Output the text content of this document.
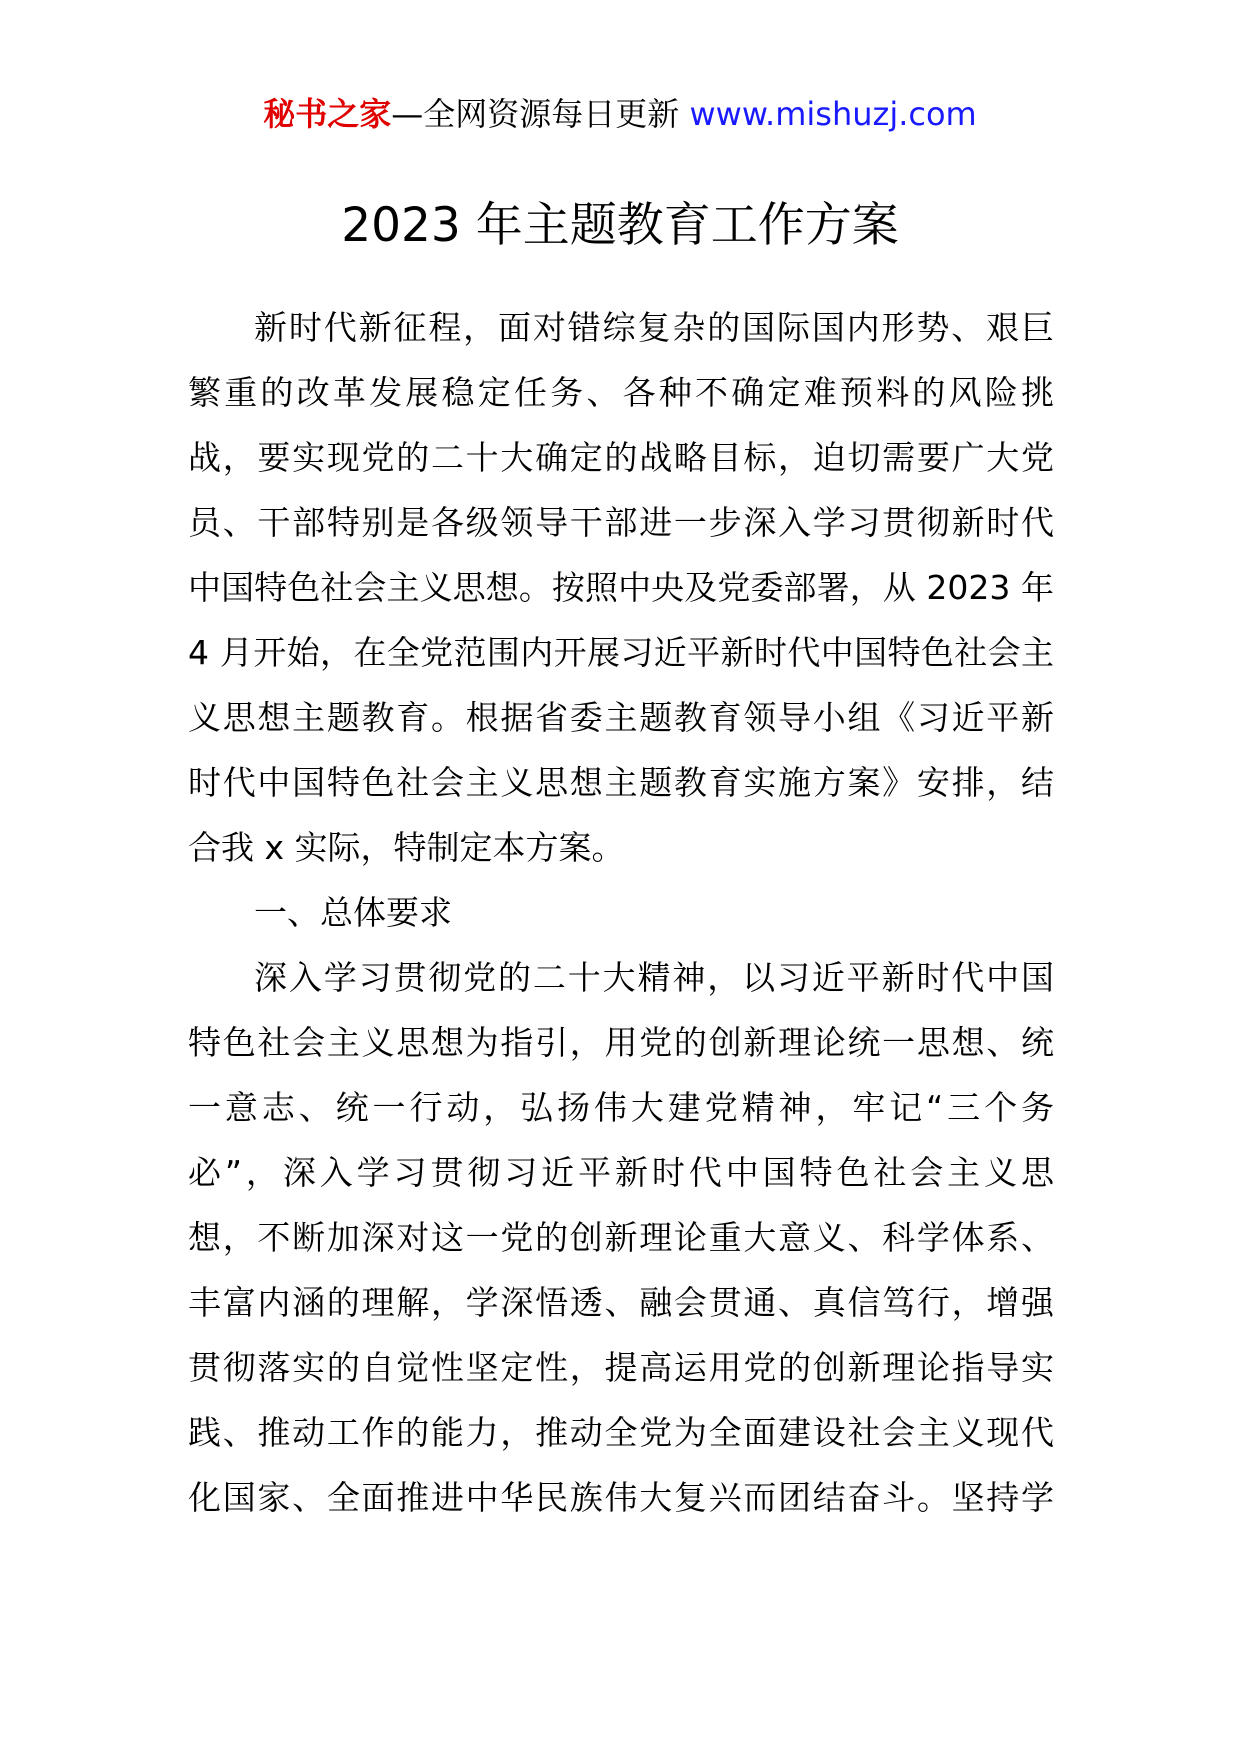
秘书之家—全网资源每日更新 www.mishuzj.com
2023 年主题教育工作方案
新时代新征程，面对错综复杂的国际国内形势、艰巨
繁重的改革发展稳定任务、各种不确定难预料的风险挑
战，要实现党的二十大确定的战略目标，迫切需要广大党
员、干部特别是各级领导干部进一步深入学习贯彻新时代
中国特色社会主义思想。按照中央及党委部署，从 2023 年
4 月开始，在全党范围内开展习近平新时代中国特色社会主
义思想主题教育。根据省委主题教育领导小组《习近平新
时代中国特色社会主义思想主题教育实施方案》安排，结
合我 x 实际，特制定本方案。
一、总体要求
深入学习贯彻党的二十大精神，以习近平新时代中国
特色社会主义思想为指引，用党的创新理论统一思想、统
一意志、统一行动，弘扬伟大建党精神，牢记“三个务
必”，深入学习贯彻习近平新时代中国特色社会主义思
想，不断加深对这一党的创新理论重大意义、科学体系、
丰富内涵的理解，学深悟透、融会贯通、真信笃行，增强
贯彻落实的自觉性坚定性，提高运用党的创新理论指导实
践、推动工作的能力，推动全党为全面建设社会主义现代
化国家、全面推进中华民族伟大复兴而团结奋斗。坚持学
